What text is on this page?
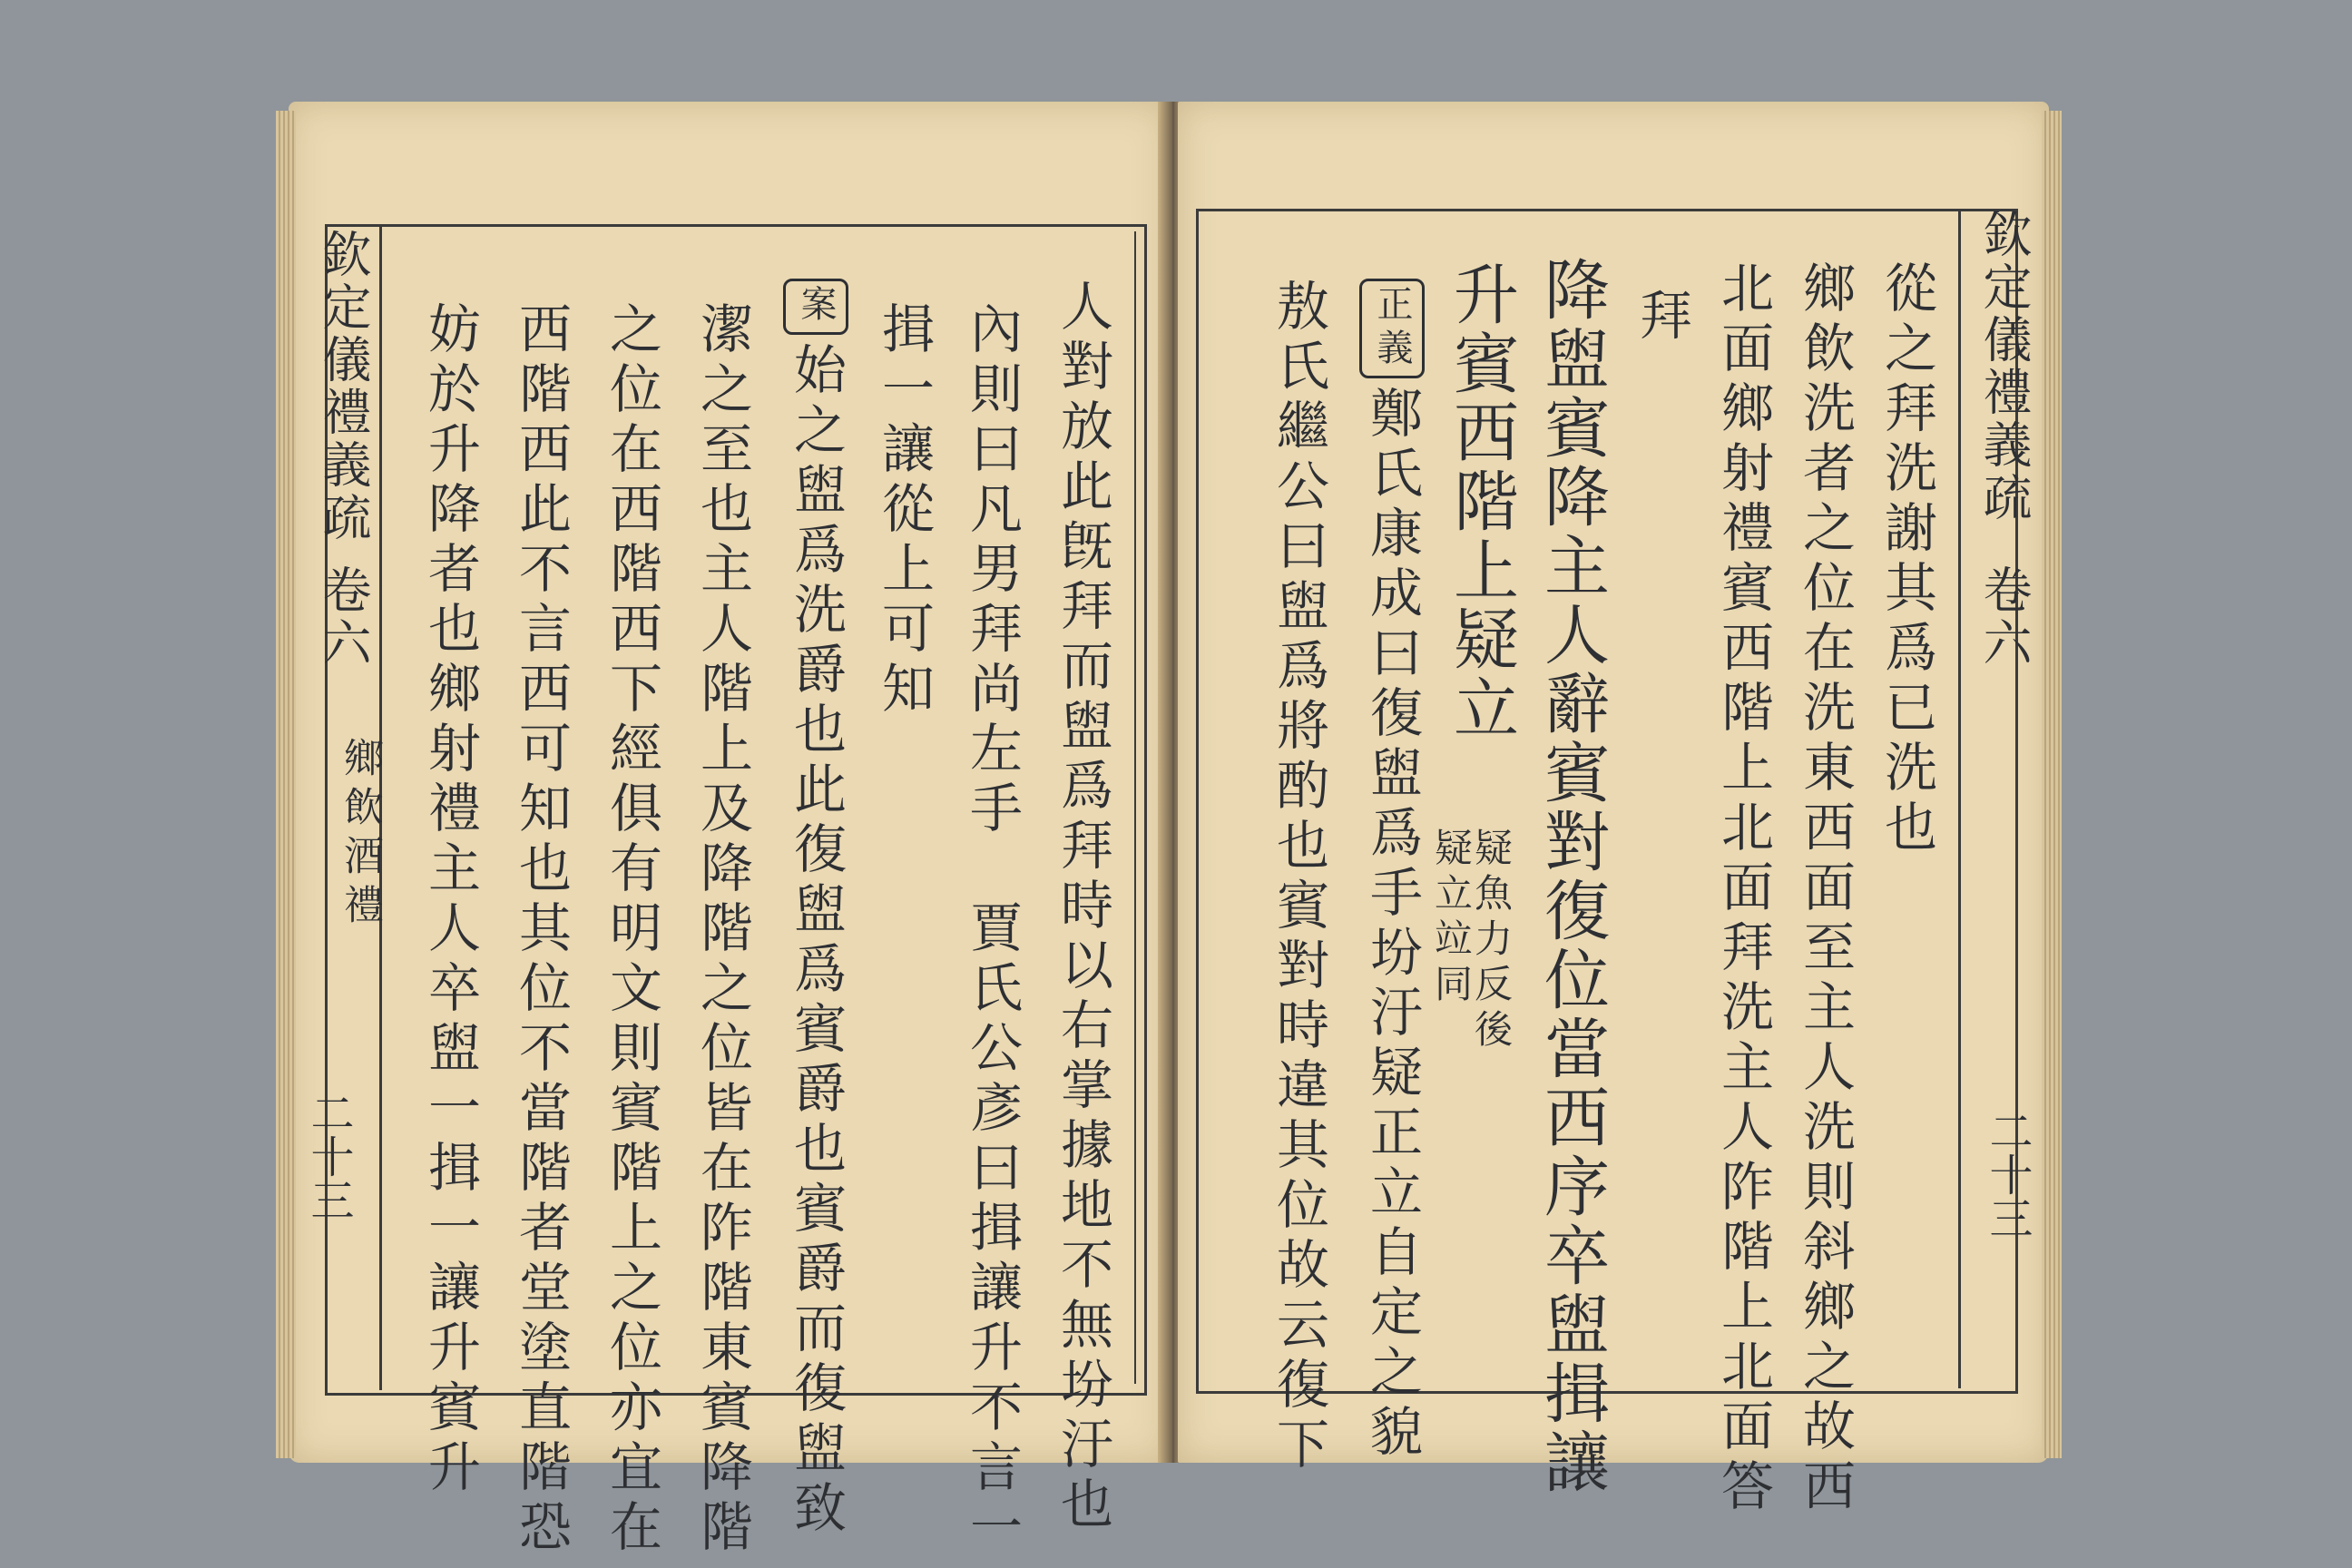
欽定儀禮義疏
卷六
鄉飲酒禮
二十三	人對放此旣拜而盥爲拜時以右掌據地不無坋汙也
內則曰凡男拜尚左手　賈氏公彥曰揖讓升不言一
揖一讓從上可知
案始之盥爲洗爵也此復盥爲賓爵也賓爵而復盥致
潔之至也主人階上及降階之位皆在阼階東賓降階
之位在西階西下經俱有明文則賓階上之位亦宜在
西階西此不言西可知也其位不當階者堂塗直階恐
妨於升降者也鄉射禮主人卒盥一揖一讓升賓升
　	欽定儀禮義疏
卷六
二十三
從之拜洗謝其爲已洗也
鄉飲洗者之位在洗東西面至主人洗則斜鄉之故西
北面鄉射禮賓西階上北面拜洗主人阼階上北面答
拜
降盥賓降主人辭賓對復位當西序卒盥揖讓
升賓西階上疑立
疑魚力反後
疑立竝同
正義鄭氏康成曰復盥爲手坋汙疑正立自定之貌
敖氏繼公曰盥爲將酌也賓對時違其位故云復下
